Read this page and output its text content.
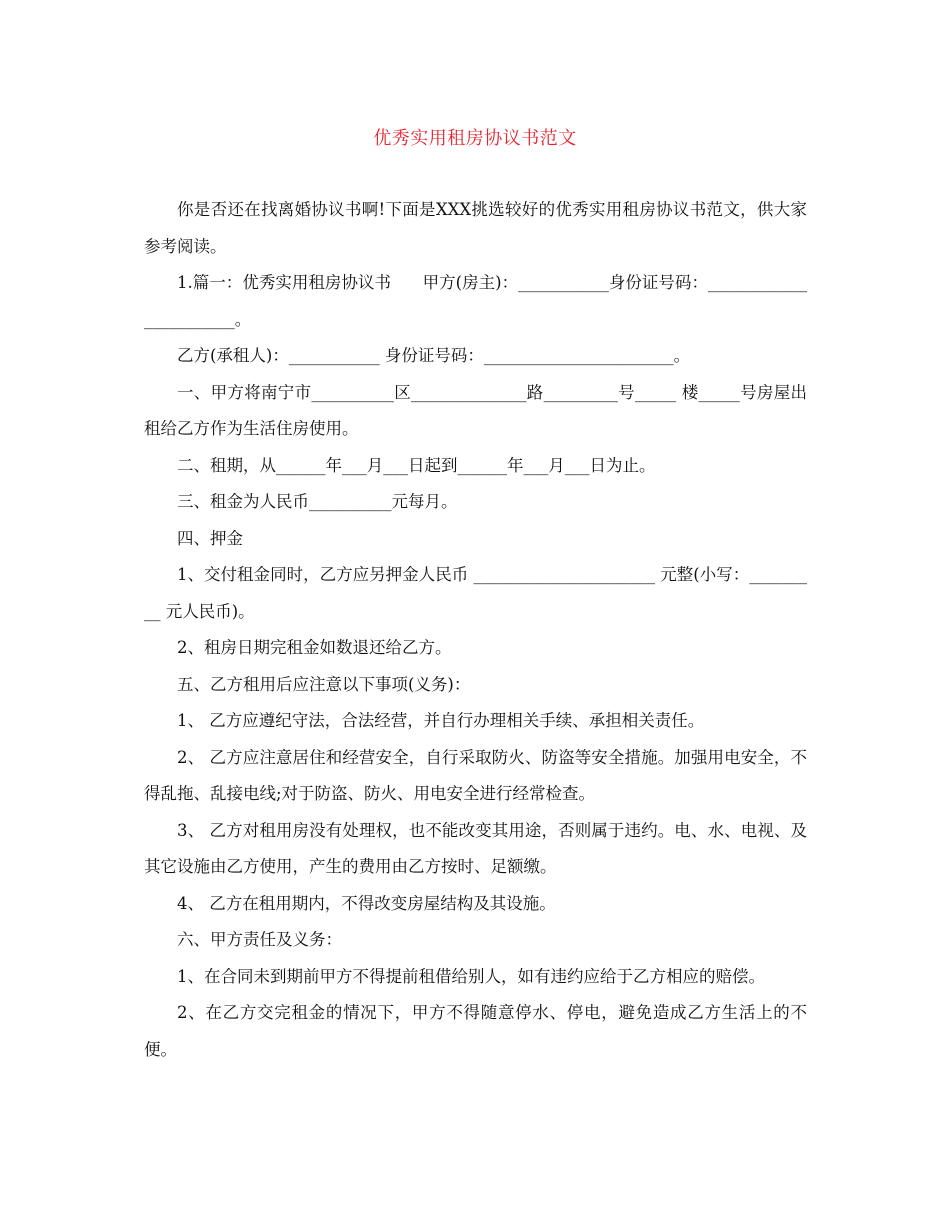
优秀实用租房协议书范文

你是否还在找离婚协议书啊!下面是XXX挑选较好的优秀实用租房协议书范文，供大家参考阅读。

1.篇一：优秀实用租房协议书      甲方(房主)：___________身份证号码：_______________________。

乙方(承租人)：___________ 身份证号码：_______________________。

一、甲方将南宁市__________区______________路_________号_____ 楼_____号房屋出租给乙方作为生活住房使用。

二、租期，从______年___月___日起到______年___月___日为止。

三、租金为人民币__________元每月。

四、押金

1、交付租金同时，乙方应另押金人民币 ______________________ 元整(小写：_________ 元人民币)。

2、租房日期完租金如数退还给乙方。

五、乙方租用后应注意以下事项(义务)：

1、 乙方应遵纪守法，合法经营，并自行办理相关手续、承担相关责任。

2、 乙方应注意居住和经营安全，自行采取防火、防盗等安全措施。加强用电安全，不得乱拖、乱接电线;对于防盗、防火、用电安全进行经常检查。

3、 乙方对租用房没有处理权，也不能改变其用途，否则属于违约。电、水、电视、及其它设施由乙方使用，产生的费用由乙方按时、足额缴。

4、 乙方在租用期内，不得改变房屋结构及其设施。

六、甲方责任及义务：

1、在合同未到期前甲方不得提前租借给别人，如有违约应给于乙方相应的赔偿。

2、在乙方交完租金的情况下，甲方不得随意停水、停电，避免造成乙方生活上的不便。
